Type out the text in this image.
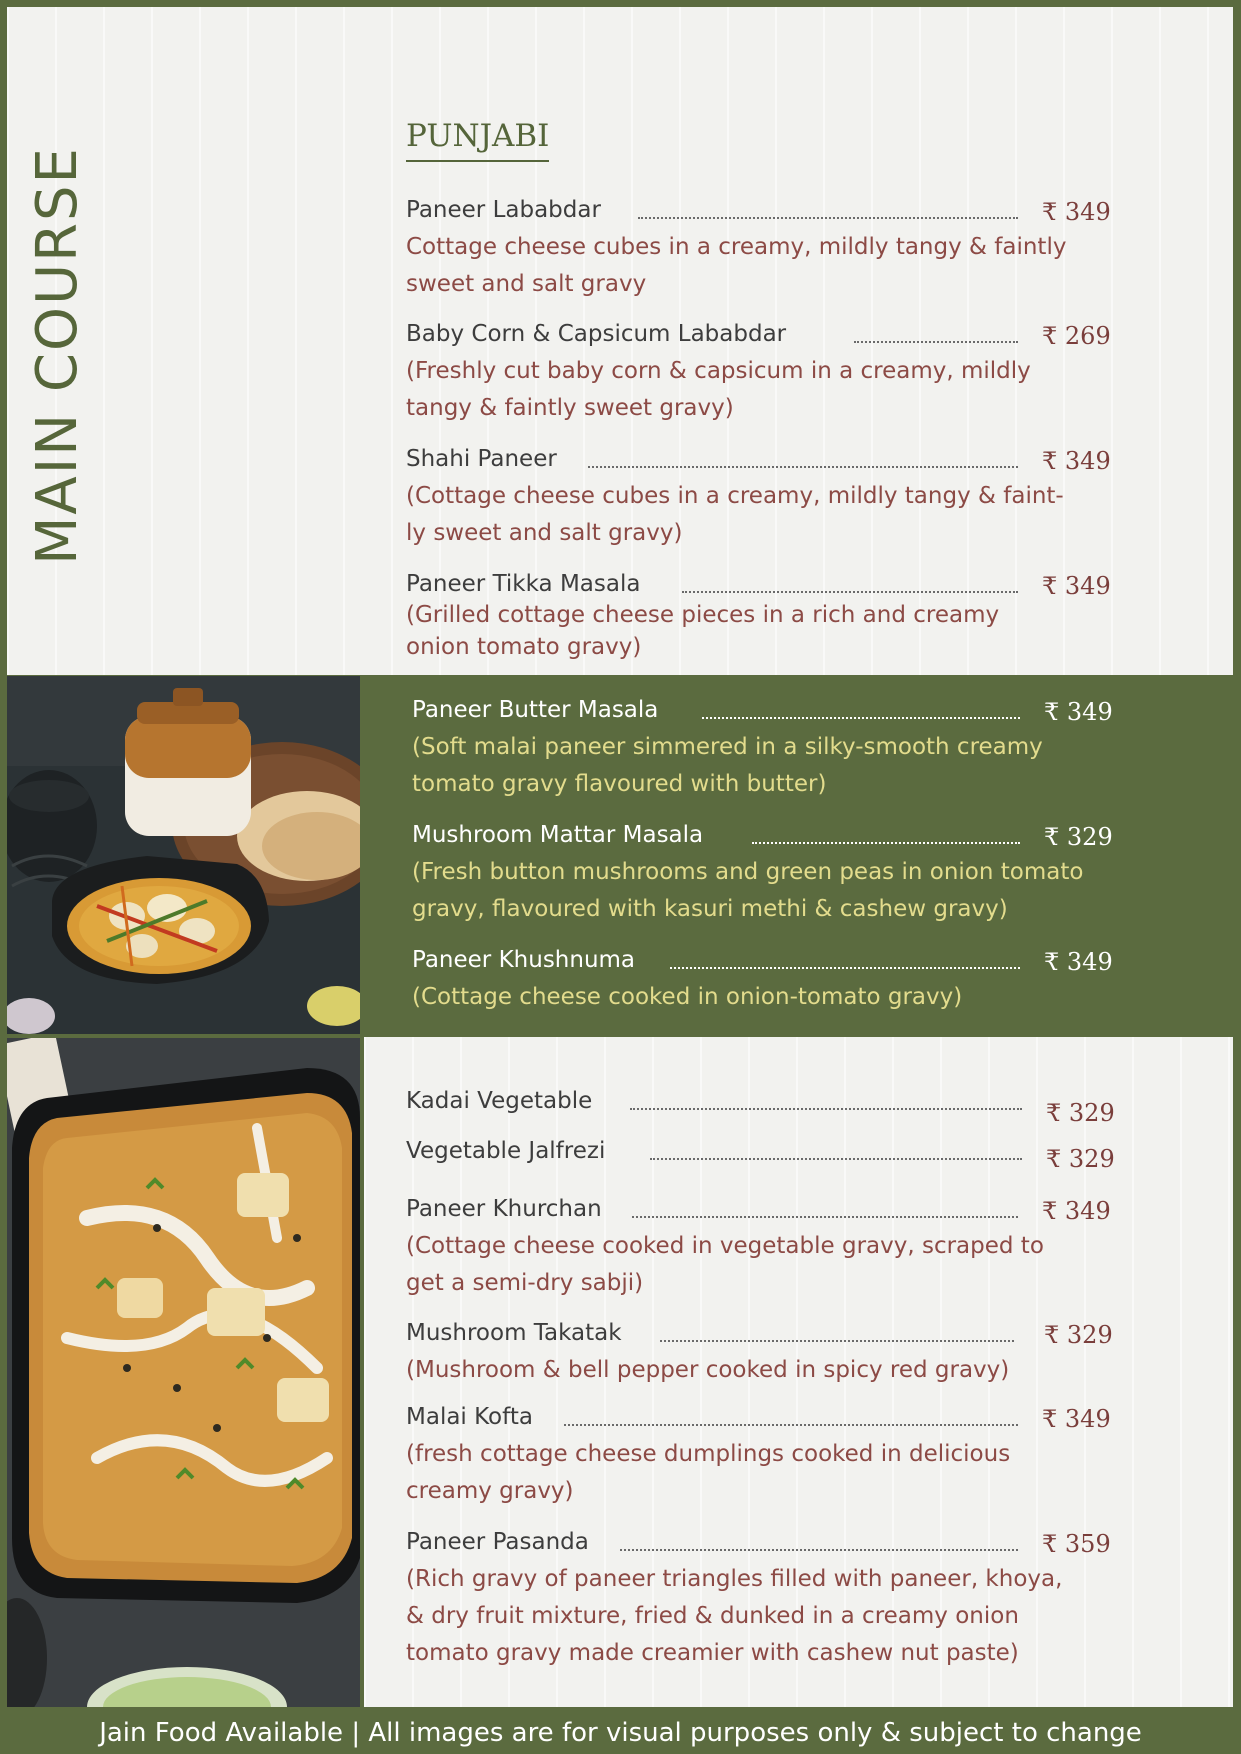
MAIN COURSE
PUNJABI
Paneer Lababdar	₹ 349
Cottage cheese cubes in a creamy, mildly tangy & faintly
sweet and salt gravy
Baby Corn & Capsicum Lababdar	₹ 269
(Freshly cut baby corn & capsicum in a creamy, mildly
tangy & faintly sweet gravy)
Shahi Paneer	₹ 349
(Cottage cheese cubes in a creamy, mildly tangy & faint-
ly sweet and salt gravy)
Paneer Tikka Masala	₹ 349
(Grilled cottage cheese pieces in a rich and creamy
onion tomato gravy)
Paneer Butter Masala	₹ 349
(Soft malai paneer simmered in a silky-smooth creamy
tomato gravy flavoured with butter)
Mushroom Mattar Masala	₹ 329
(Fresh button mushrooms and green peas in onion tomato
gravy, flavoured with kasuri methi & cashew gravy)
Paneer Khushnuma	₹ 349
(Cottage cheese cooked in onion-tomato gravy)
Kadai Vegetable	₹ 329
Vegetable Jalfrezi	₹ 329
Paneer Khurchan	₹ 349
(Cottage cheese cooked in vegetable gravy, scraped to
get a semi-dry sabji)
Mushroom Takatak	₹ 329
(Mushroom & bell pepper cooked in spicy red gravy)
Malai Kofta	₹ 349
(fresh cottage cheese dumplings cooked in delicious
creamy gravy)
Paneer Pasanda	₹ 359
(Rich gravy of paneer triangles filled with paneer, khoya,
& dry fruit mixture, fried & dunked in a creamy onion
tomato gravy made creamier with cashew nut paste)
Jain Food Available | All images are for visual purposes only & subject to change
